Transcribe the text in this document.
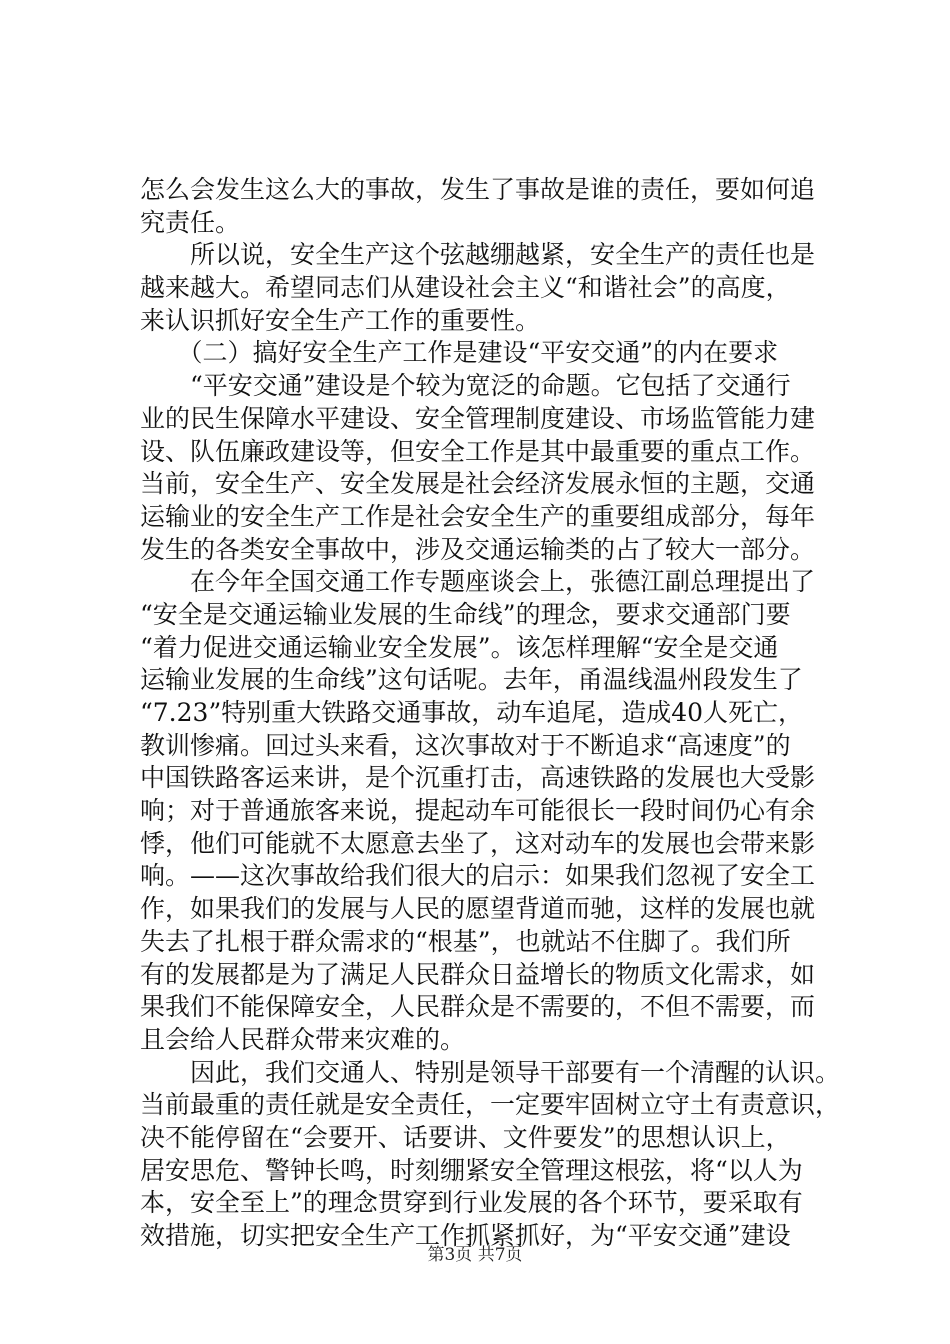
怎么会发生这么大的事故，发生了事故是谁的责任，要如何追
究责任。
　　所以说，安全生产这个弦越绷越紧，安全生产的责任也是
越来越大。希望同志们从建设社会主义“和谐社会”的高度，
来认识抓好安全生产工作的重要性。
　　（二）搞好安全生产工作是建设“平安交通”的内在要求
　　“平安交通”建设是个较为宽泛的命题。它包括了交通行
业的民生保障水平建设、安全管理制度建设、市场监管能力建
设、队伍廉政建设等，但安全工作是其中最重要的重点工作。
当前，安全生产、安全发展是社会经济发展永恒的主题，交通
运输业的安全生产工作是社会安全生产的重要组成部分，每年
发生的各类安全事故中，涉及交通运输类的占了较大一部分。
　　在今年全国交通工作专题座谈会上，张德江副总理提出了
“安全是交通运输业发展的生命线”的理念，要求交通部门要
“着力促进交通运输业安全发展”。该怎样理解“安全是交通
运输业发展的生命线”这句话呢。去年，甬温线温州段发生了
“7.23”特别重大铁路交通事故，动车追尾，造成40人死亡，
教训惨痛。回过头来看，这次事故对于不断追求“高速度”的
中国铁路客运来讲，是个沉重打击，高速铁路的发展也大受影
响；对于普通旅客来说，提起动车可能很长一段时间仍心有余
悸，他们可能就不太愿意去坐了，这对动车的发展也会带来影
响。——这次事故给我们很大的启示：如果我们忽视了安全工
作，如果我们的发展与人民的愿望背道而驰，这样的发展也就
失去了扎根于群众需求的“根基”，也就站不住脚了。我们所
有的发展都是为了满足人民群众日益增长的物质文化需求，如
果我们不能保障安全，人民群众是不需要的，不但不需要，而
且会给人民群众带来灾难的。
　　因此，我们交通人、特别是领导干部要有一个清醒的认识。
当前最重的责任就是安全责任，一定要牢固树立守土有责意识，
决不能停留在“会要开、话要讲、文件要发”的思想认识上，
居安思危、警钟长鸣，时刻绷紧安全管理这根弦，将“以人为
本，安全至上”的理念贯穿到行业发展的各个环节，要采取有
效措施，切实把安全生产工作抓紧抓好，为“平安交通”建设
第3页 共7页
